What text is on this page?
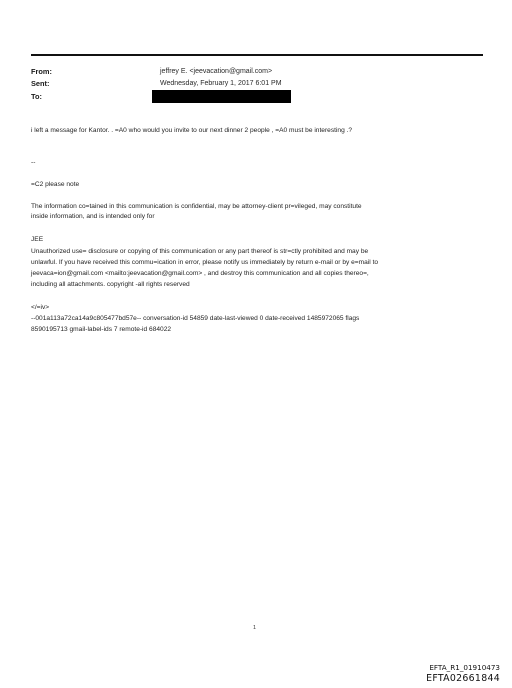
From:	jeffrey E. <jeevacation@gmail.com>
Sent:	Wednesday, February 1, 2017 6:01 PM
To:
i left a message for Kantor. . =A0 who would you invite to our next dinner 2 people , =A0 must be interesting .?
--
=C2 please note
The information co=tained in this communication is confidential, may be attorney-client pr=vileged, may constitute
inside information, and is intended only for
JEE
Unauthorized use= disclosure or copying of this communication or any part thereof is str=ctly prohibited and may be
unlawful. If you have received this commu=ication in error, please notify us immediately by return e-mail or by e=mail to
jeevaca=ion@gmail.com <mailto:jeevacation@gmail.com> , and destroy this communication and all copies thereo=,
including all attachments. copyright -all rights reserved
</=iv>
--001a113a72ca14a9c805477bd57e-- conversation-id 54859 date-last-viewed 0 date-received 1485972065 flags
8590195713 gmail-label-ids 7 remote-id 684022
1
EFTA_R1_01910473
EFTA02661844
